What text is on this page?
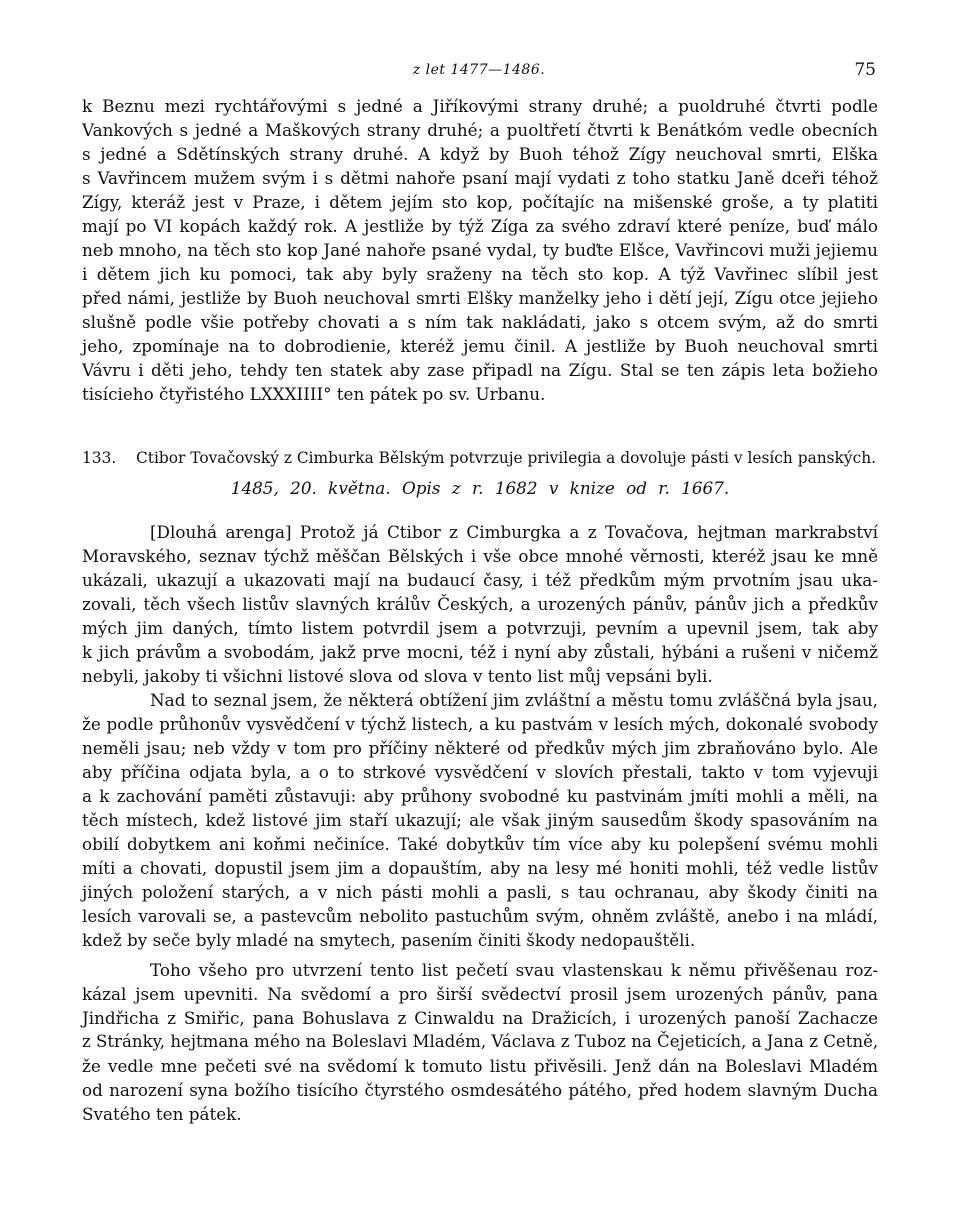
z let 1477—1486.	75
k Beznu mezi rychtářovými s jedné a Jiříkovými strany druhé; a puoldruhé čtvrti podle
Vankových s jedné a Maškových strany druhé; a puoltřetí čtvrti k Benátkóm vedle obecních
s jedné a Sdětínských strany druhé. A když by Buoh téhož Zígy neuchoval smrti, Elška
s Vavřincem mužem svým i s dětmi nahoře psaní mají vydati z toho statku Janě dceři téhož
Zígy, kteráž jest v Praze, i dětem jejím sto kop, počítajíc na mišenské groše, a ty platiti
mají po VI kopách každý rok. A jestliže by týž Zíga za svého zdraví které peníze, buď málo
neb mnoho, na těch sto kop Jané nahoře psané vydal, ty buďte Elšce, Vavřincovi muži jejiemu
i dětem jich ku pomoci, tak aby byly sraženy na těch sto kop. A týž Vavřinec slíbil jest
před námi, jestliže by Buoh neuchoval smrti Elšky manželky jeho i dětí její, Zígu otce jejieho
slušně podle všie potřeby chovati a s ním tak nakládati, jako s otcem svým, až do smrti
jeho, zpomínaje na to dobrodienie, kteréž jemu činil. A jestliže by Buoh neuchoval smrti
Vávru i děti jeho, tehdy ten statek aby zase připadl na Zígu. Stal se ten zápis leta božieho
tisícieho čtyřistého LXXXIIII° ten pátek po sv. Urbanu.
133. Ctibor Tovačovský z Cimburka Bělským potvrzuje privilegia a dovoluje pásti v lesích panských.
1485, 20. května. Opis z r. 1682 v knize od r. 1667.
[Dlouhá arenga] Protož já Ctibor z Cimburgka a z Tovačova, hejtman markrabství
Moravského, seznav týchž měščan Bělských i vše obce mnohé věrnosti, kteréž jsau ke mně
ukázali, ukazují a ukazovati mají na budaucí časy, i též předkům mým prvotním jsau uka-
zovali, těch všech listův slavných králův Českých, a urozených pánův, pánův jich a předkův
mých jim daných, tímto listem potvrdil jsem a potvrzuji, pevním a upevnil jsem, tak aby
k jich právům a svobodám, jakž prve mocni, též i nyní aby zůstali, hýbáni a rušeni v ničemž
nebyli, jakoby ti všichni listové slova od slova v tento list můj vepsáni byli.
Nad to seznal jsem, že některá obtížení jim zvláštní a městu tomu zvláščná byla jsau,
že podle průhonův vysvědčení v týchž listech, a ku pastvám v lesích mých, dokonalé svobody
neměli jsau; neb vždy v tom pro příčiny některé od předkův mých jim zbraňováno bylo. Ale
aby příčina odjata byla, a o to strkové vysvědčení v slovích přestali, takto v tom vyjevuji
a k zachování paměti zůstavuji: aby průhony svobodné ku pastvinám jmíti mohli a měli, na
těch místech, kdež listové jim staří ukazují; ale však jiným sausedům škody spasováním na
obilí dobytkem ani koňmi nečiníce. Také dobytkův tím více aby ku polepšení svému mohli
míti a chovati, dopustil jsem jim a dopauštím, aby na lesy mé honiti mohli, též vedle listův
jiných položení starých, a v nich pásti mohli a pasli, s tau ochranau, aby škody činiti na
lesích varovali se, a pastevcům nebolito pastuchům svým, ohněm zvláště, anebo i na mládí,
kdež by seče byly mladé na smytech, pasením činiti škody nedopauštěli.
Toho všeho pro utvrzení tento list pečetí svau vlastenskau k němu přivěšenau roz-
kázal jsem upevniti. Na svědomí a pro širší svědectví prosil jsem urozených pánův, pana
Jindřicha z Smiřic, pana Bohuslava z Cinwaldu na Dražicích, i urozených panoší Zachacze
z Stránky, hejtmana mého na Boleslavi Mladém, Václava z Tuboz na Čejeticích, a Jana z Cetně,
že vedle mne pečeti své na svědomí k tomuto listu přivěsili. Jenž dán na Boleslavi Mladém
od narození syna božího tisícího čtyrstého osmdesátého pátého, před hodem slavným Ducha
Svatého ten pátek.
